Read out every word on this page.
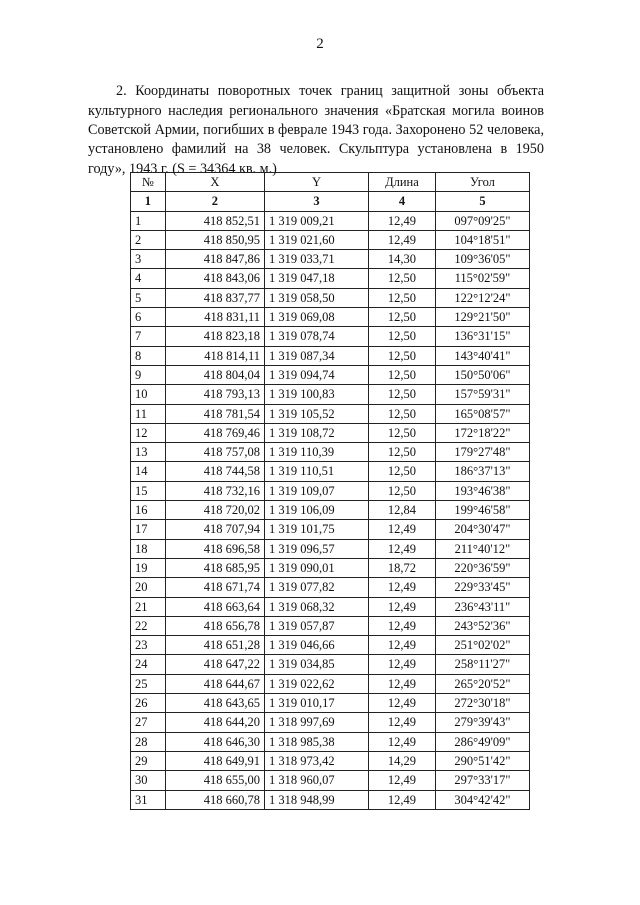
2

2. Координаты поворотных точек границ защитной зоны объекта культурного наследия регионального значения «Братская могила воинов Советской Армии, погибших в феврале 1943 года. Захоронено 52 человека, установлено фамилий на 38 человек. Скульптура установлена в 1950 году», 1943 г. (S = 34364 кв. м.)

№	X	Y	Длина	Угол
1	2	3	4	5
1	418 852,51	1 319 009,21	12,49	097°09'25"
2	418 850,95	1 319 021,60	12,49	104°18'51"
3	418 847,86	1 319 033,71	14,30	109°36'05"
4	418 843,06	1 319 047,18	12,50	115°02'59"
5	418 837,77	1 319 058,50	12,50	122°12'24"
6	418 831,11	1 319 069,08	12,50	129°21'50"
7	418 823,18	1 319 078,74	12,50	136°31'15"
8	418 814,11	1 319 087,34	12,50	143°40'41"
9	418 804,04	1 319 094,74	12,50	150°50'06"
10	418 793,13	1 319 100,83	12,50	157°59'31"
11	418 781,54	1 319 105,52	12,50	165°08'57"
12	418 769,46	1 319 108,72	12,50	172°18'22"
13	418 757,08	1 319 110,39	12,50	179°27'48"
14	418 744,58	1 319 110,51	12,50	186°37'13"
15	418 732,16	1 319 109,07	12,50	193°46'38"
16	418 720,02	1 319 106,09	12,84	199°46'58"
17	418 707,94	1 319 101,75	12,49	204°30'47"
18	418 696,58	1 319 096,57	12,49	211°40'12"
19	418 685,95	1 319 090,01	18,72	220°36'59"
20	418 671,74	1 319 077,82	12,49	229°33'45"
21	418 663,64	1 319 068,32	12,49	236°43'11"
22	418 656,78	1 319 057,87	12,49	243°52'36"
23	418 651,28	1 319 046,66	12,49	251°02'02"
24	418 647,22	1 319 034,85	12,49	258°11'27"
25	418 644,67	1 319 022,62	12,49	265°20'52"
26	418 643,65	1 319 010,17	12,49	272°30'18"
27	418 644,20	1 318 997,69	12,49	279°39'43"
28	418 646,30	1 318 985,38	12,49	286°49'09"
29	418 649,91	1 318 973,42	14,29	290°51'42"
30	418 655,00	1 318 960,07	12,49	297°33'17"
31	418 660,78	1 318 948,99	12,49	304°42'42"
